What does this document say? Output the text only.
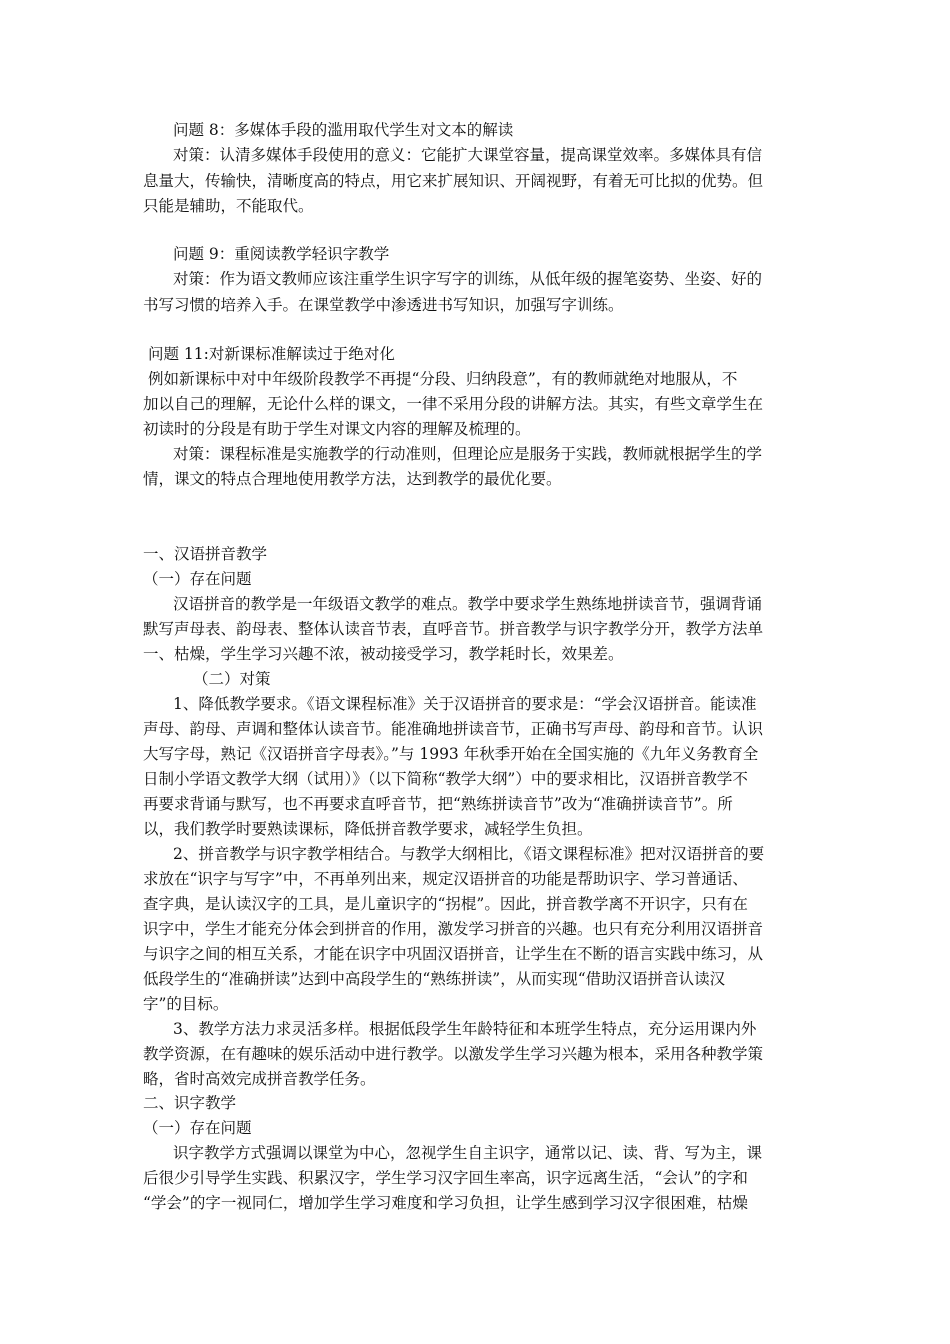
问题 8：多媒体手段的滥用取代学生对文本的解读
对策：认清多媒体手段使用的意义：它能扩大课堂容量，提高课堂效率。多媒体具有信
息量大，传输快，清晰度高的特点，用它来扩展知识、开阔视野，有着无可比拟的优势。但
只能是辅助，不能取代。
问题 9：重阅读教学轻识字教学
对策：作为语文教师应该注重学生识字写字的训练，从低年级的握笔姿势、坐姿、好的
书写习惯的培养入手。在课堂教学中渗透进书写知识，加强写字训练。
问题 11:对新课标准解读过于绝对化
例如新课标中对中年级阶段教学不再提“分段、归纳段意”，有的教师就绝对地服从，不
加以自己的理解，无论什么样的课文，一律不采用分段的讲解方法。其实，有些文章学生在
初读时的分段是有助于学生对课文内容的理解及梳理的。
对策：课程标准是实施教学的行动准则，但理论应是服务于实践，教师就根据学生的学
情，课文的特点合理地使用教学方法，达到教学的最优化要。
一、汉语拼音教学
（一）存在问题
汉语拼音的教学是一年级语文教学的难点。教学中要求学生熟练地拼读音节，强调背诵
默写声母表、韵母表、整体认读音节表，直呼音节。拼音教学与识字教学分开，教学方法单
一、枯燥，学生学习兴趣不浓，被动接受学习，教学耗时长，效果差。
（二）对策
1、降低教学要求。《语文课程标准》关于汉语拼音的要求是：“学会汉语拼音。能读准
声母、韵母、声调和整体认读音节。能准确地拼读音节，正确书写声母、韵母和音节。认识
大写字母，熟记《汉语拼音字母表》。”与 1993 年秋季开始在全国实施的《九年义务教育全
日制小学语文教学大纲（试用）》（以下简称“教学大纲”）中的要求相比，汉语拼音教学不
再要求背诵与默写，也不再要求直呼音节，把“熟练拼读音节”改为“准确拼读音节”。所
以，我们教学时要熟读课标，降低拼音教学要求，减轻学生负担。
2、拼音教学与识字教学相结合。与教学大纲相比，《语文课程标准》把对汉语拼音的要
求放在“识字与写字”中，不再单列出来，规定汉语拼音的功能是帮助识字、学习普通话、
查字典，是认读汉字的工具，是儿童识字的“拐棍”。因此，拼音教学离不开识字，只有在
识字中，学生才能充分体会到拼音的作用，激发学习拼音的兴趣。也只有充分利用汉语拼音
与识字之间的相互关系，才能在识字中巩固汉语拼音，让学生在不断的语言实践中练习，从
低段学生的“准确拼读”达到中高段学生的“熟练拼读”，从而实现“借助汉语拼音认读汉
字”的目标。
3、教学方法力求灵活多样。根据低段学生年龄特征和本班学生特点，充分运用课内外
教学资源，在有趣味的娱乐活动中进行教学。以激发学生学习兴趣为根本，采用各种教学策
略，省时高效完成拼音教学任务。
二、识字教学
（一）存在问题
识字教学方式强调以课堂为中心，忽视学生自主识字，通常以记、读、背、写为主，课
后很少引导学生实践、积累汉字，学生学习汉字回生率高，识字远离生活，“会认”的字和
“学会”的字一视同仁，增加学生学习难度和学习负担，让学生感到学习汉字很困难，枯燥
